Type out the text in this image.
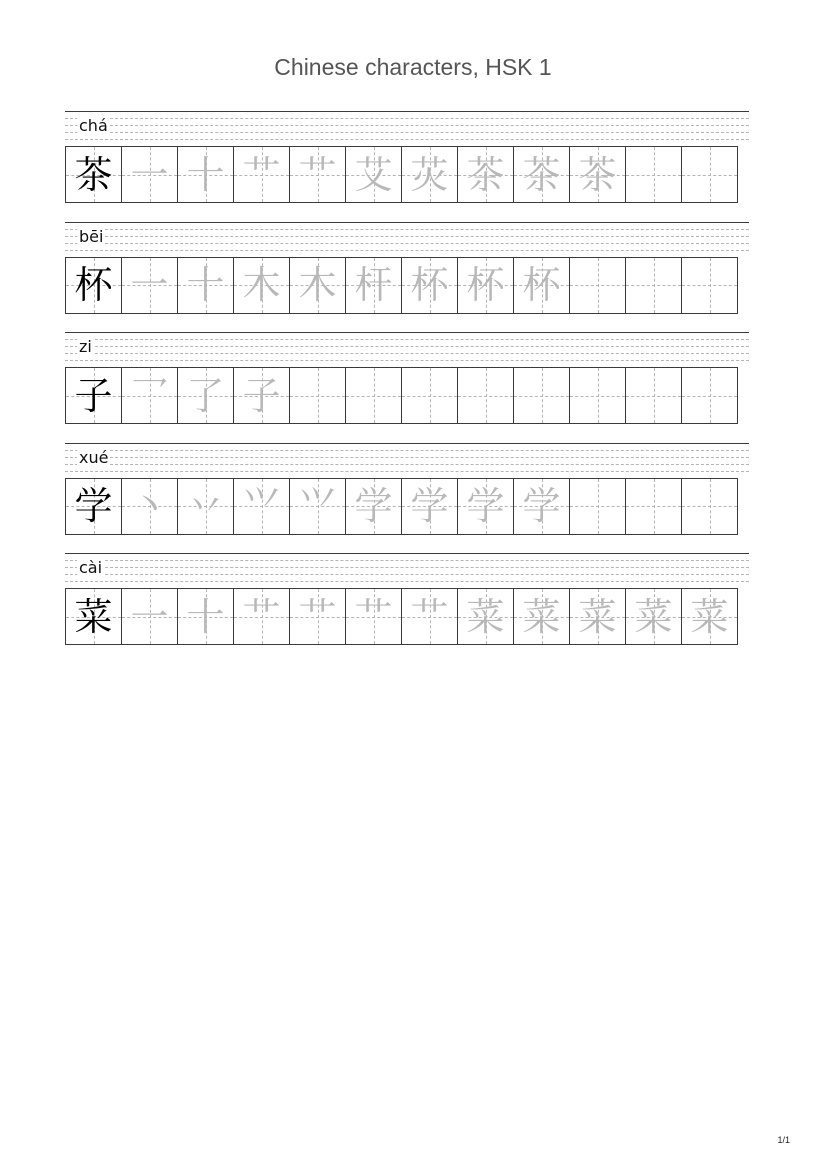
Chinese characters, HSK 1
chá
茶 一 十 艹 艹 艾 苂 茶 茶 茶
bēi
杯 一 十 木 木 杆 杯 杯 杯
zi
子 乛 了 子
xué
学 丶 丷 ⺍ ⺍ 学 学 学 学
cài
菜 一 十 艹 艹 艹 艹 菜 菜 菜 菜 菜
1/1
